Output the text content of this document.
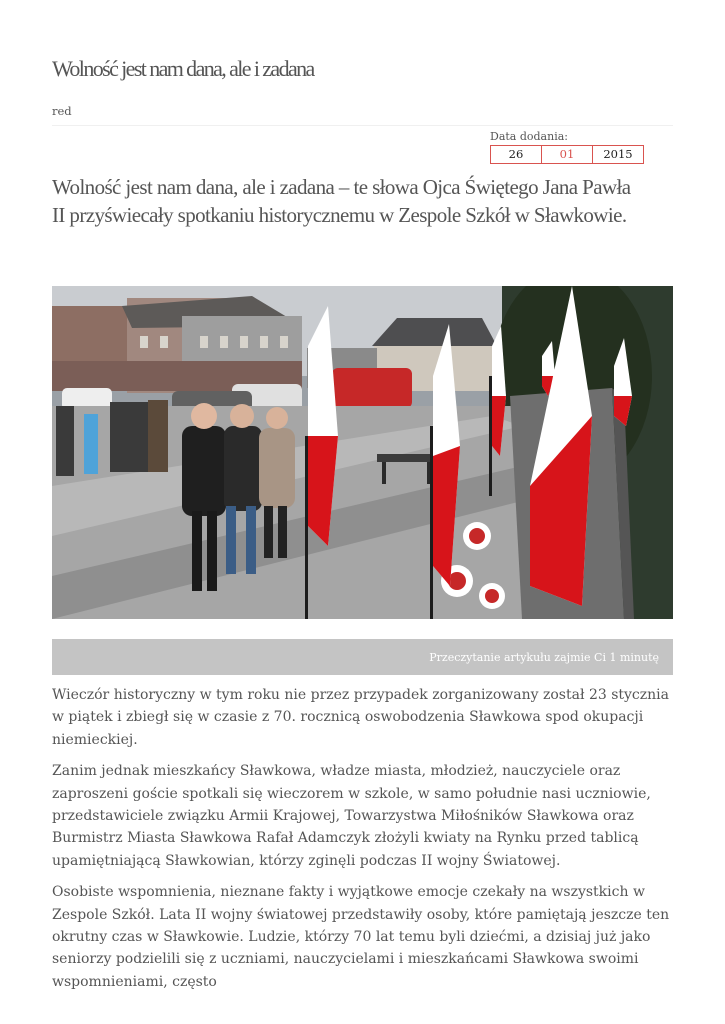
Wolność jest nam dana, ale i zadana
red
Data dodania:
26	01	2015
Wolność jest nam dana, ale i zadana – te słowa Ojca Świętego Jana Pawła II przyświecały spotkaniu historycznemu w Zespole Szkół w Sławkowie.
Przeczytanie artykułu zajmie Ci 1 minutę

Wieczór historyczny w tym roku nie przez przypadek zorganizowany został 23 stycznia w piątek i zbiegł się w czasie z 70. rocznicą oswobodzenia Sławkowa spod okupacji niemieckiej.

Zanim jednak mieszkańcy Sławkowa, władze miasta, młodzież, nauczyciele oraz zaproszeni goście spotkali się wieczorem w szkole, w samo południe nasi uczniowie, przedstawiciele związku Armii Krajowej, Towarzystwa Miłośników Sławkowa oraz Burmistrz Miasta Sławkowa Rafał Adamczyk złożyli kwiaty na Rynku przed tablicą upamiętniającą Sławkowian, którzy zginęli podczas II wojny Światowej.

Osobiste wspomnienia, nieznane fakty i wyjątkowe emocje czekały na wszystkich w Zespole Szkół. Lata II wojny światowej przedstawiły osoby, które pamiętają jeszcze ten okrutny czas w Sławkowie. Ludzie, którzy 70 lat temu byli dziećmi, a dzisiaj już jako seniorzy podzielili się z uczniami, nauczycielami i mieszkańcami Sławkowa swoimi wspomnieniami, często
